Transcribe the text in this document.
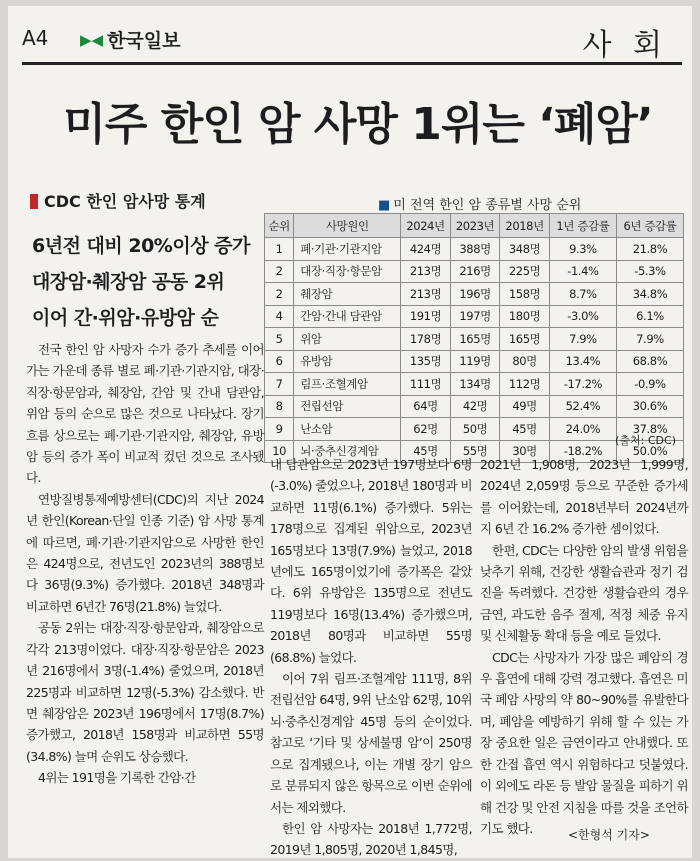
A4 ▶◀ 한국일보	사 회
미주 한인 암 사망 1위는 ‘폐암’
CDC 한인 암사망 통계
6년전 대비 20%이상 증가
대장암·췌장암 공동 2위
이어 간·위암·유방암 순
■ 미 전역 한인 암 종류별 사망 순위
순위	사망원인	2024년	2023년	2018년	1년 증감률	6년 증감률
1	폐·기관·기관지암	424명	388명	348명	9.3%	21.8%
2	대장·직장·항문암	213명	216명	225명	-1.4%	-5.3%
2	췌장암	213명	196명	158명	8.7%	34.8%
4	간암·간내 담관암	191명	197명	180명	-3.0%	6.1%
5	위암	178명	165명	165명	7.9%	7.9%
6	유방암	135명	119명	80명	13.4%	68.8%
7	림프·조혈계암	111명	134명	112명	-17.2%	-0.9%
8	전립선암	64명	42명	49명	52.4%	30.6%
9	난소암	62명	50명	45명	24.0%	37.8%
10	뇌·중추신경계암	45명	55명	30명	-18.2%	50.0%
(출처: CDC)

전국 한인 암 사망자 수가 증가 추세를 이어가는 가운데 종류 별로 폐·기관·기관지암, 대장·직장·항문암과, 췌장암, 간암 및 간내 담관암, 위암 등의 순으로 많은 것으로 나타났다. 장기 흐름 상으로는 폐·기관·기관지암, 췌장암, 유방암 등의 증가 폭이 비교적 컸던 것으로 조사됐다.

연방질병통제예방센터(CDC)의 지난 2024년 한인(Korean·단일 인종 기준) 암 사망 통계에 따르면, 폐·기관·기관지암으로 사망한 한인은 424명으로, 전년도인 2023년의 388명보다 36명(9.3%) 증가했다. 2018년 348명과 비교하면 6년간 76명(21.8%) 늘었다.

공동 2위는 대장·직장·항문암과, 췌장암으로 각각 213명이었다. 대장·직장·항문암은 2023년 216명에서 3명(-1.4%) 줄었으며, 2018년 225명과 비교하면 12명(-5.3%) 감소했다. 반면 췌장암은 2023년 196명에서 17명(8.7%) 증가했고, 2018년 158명과 비교하면 55명(34.8%) 늘며 순위도 상승했다.

4위는 191명을 기록한 간암·간

내 담관암으로 2023년 197명보다 6명(-3.0%) 줄었으나, 2018년 180명과 비교하면 11명(6.1%) 증가했다. 5위는 178명으로 집계된 위암으로, 2023년 165명보다 13명(7.9%) 늘었고, 2018년에도 165명이었기에 증가폭은 같았다. 6위 유방암은 135명으로 전년도 119명보다 16명(13.4%) 증가했으며, 2018년 80명과 비교하면 55명(68.8%) 늘었다.

이어 7위 림프·조혈계암 111명, 8위 전립선암 64명, 9위 난소암 62명, 10위 뇌·중추신경계암 45명 등의 순이었다. 참고로 ‘기타 및 상세불명 암’이 250명으로 집계됐으나, 이는 개별 장기 암으로 분류되지 않은 항목으로 이번 순위에서는 제외했다.

한인 암 사망자는 2018년 1,772명, 2019년 1,805명, 2020년 1,845명,

2021년 1,908명, 2023년 1,999명, 2024년 2,059명 등으로 꾸준한 증가세를 이어왔는데, 2018년부터 2024년까지 6년 간 16.2% 증가한 셈이었다.

한편, CDC는 다양한 암의 발생 위험을 낮추기 위해, 건강한 생활습관과 정기 검진을 독려했다. 건강한 생활습관의 경우 금연, 과도한 음주 절제, 적정 체중 유지 및 신체활동 확대 등을 예로 들었다.

CDC는 사망자가 가장 많은 폐암의 경우 흡연에 대해 강력 경고했다. 흡연은 미국 폐암 사망의 약 80~90%를 유발한다며, 폐암을 예방하기 위해 할 수 있는 가장 중요한 일은 금연이라고 안내했다. 또한 간접 흡연 역시 위험하다고 덧붙였다. 이 외에도 라돈 등 발암 물질을 피하기 위해 건강 및 안전 지침을 따를 것을 조언하기도 했다.	<한형석 기자>
